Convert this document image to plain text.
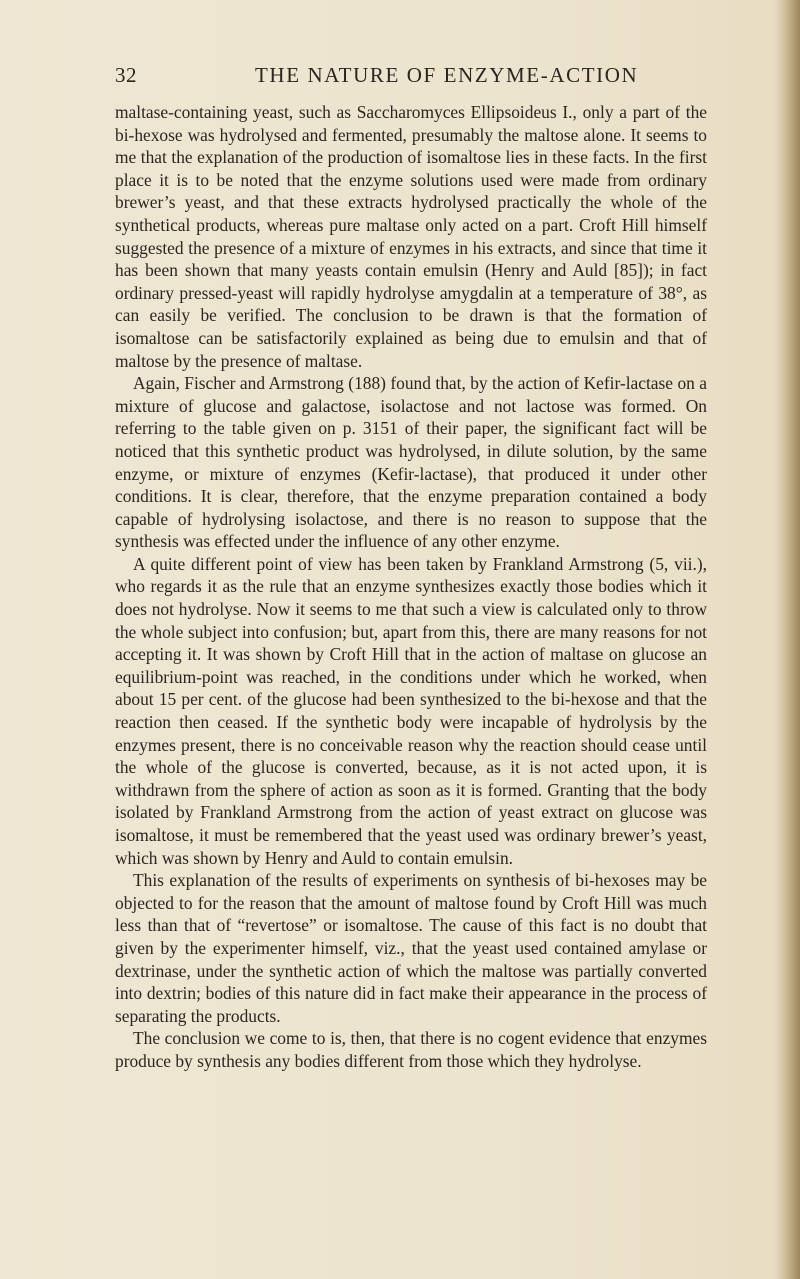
32	THE NATURE OF ENZYME-ACTION

maltase-containing yeast, such as Saccharomyces Ellipsoideus I., only a part of the bi-hexose was hydrolysed and fermented, presumably the maltose alone. It seems to me that the explanation of the production of isomaltose lies in these facts. In the first place it is to be noted that the enzyme solutions used were made from ordinary brewer’s yeast, and that these extracts hydrolysed practically the whole of the synthetical products, whereas pure maltase only acted on a part. Croft Hill himself suggested the presence of a mixture of enzymes in his extracts, and since that time it has been shown that many yeasts contain emulsin (Henry and Auld [85]); in fact ordinary pressed-yeast will rapidly hydrolyse amygdalin at a temperature of 38°, as can easily be verified. The conclusion to be drawn is that the formation of isomaltose can be satisfactorily explained as being due to emulsin and that of maltose by the presence of maltase.

Again, Fischer and Armstrong (188) found that, by the action of Kefir-lactase on a mixture of glucose and galactose, isolactose and not lactose was formed. On referring to the table given on p. 3151 of their paper, the significant fact will be noticed that this synthetic product was hydrolysed, in dilute solution, by the same enzyme, or mixture of enzymes (Kefir-lactase), that produced it under other conditions. It is clear, therefore, that the enzyme preparation contained a body capable of hydrolysing isolactose, and there is no reason to suppose that the synthesis was effected under the influence of any other enzyme.

A quite different point of view has been taken by Frankland Armstrong (5, vii.), who regards it as the rule that an enzyme synthesizes exactly those bodies which it does not hydrolyse. Now it seems to me that such a view is calculated only to throw the whole subject into confusion; but, apart from this, there are many reasons for not accepting it. It was shown by Croft Hill that in the action of maltase on glucose an equilibrium-point was reached, in the conditions under which he worked, when about 15 per cent. of the glucose had been synthesized to the bi-hexose and that the reaction then ceased. If the synthetic body were incapable of hydrolysis by the enzymes present, there is no conceivable reason why the reaction should cease until the whole of the glucose is converted, because, as it is not acted upon, it is withdrawn from the sphere of action as soon as it is formed. Granting that the body isolated by Frankland Armstrong from the action of yeast extract on glucose was isomaltose, it must be remembered that the yeast used was ordinary brewer’s yeast, which was shown by Henry and Auld to contain emulsin.

This explanation of the results of experiments on synthesis of bi-hexoses may be objected to for the reason that the amount of maltose found by Croft Hill was much less than that of “revertose” or isomaltose. The cause of this fact is no doubt that given by the experimenter himself, viz., that the yeast used contained amylase or dextrinase, under the synthetic action of which the maltose was partially converted into dextrin; bodies of this nature did in fact make their appearance in the process of separating the products.

The conclusion we come to is, then, that there is no cogent evidence that enzymes produce by synthesis any bodies different from those which they hydrolyse.
